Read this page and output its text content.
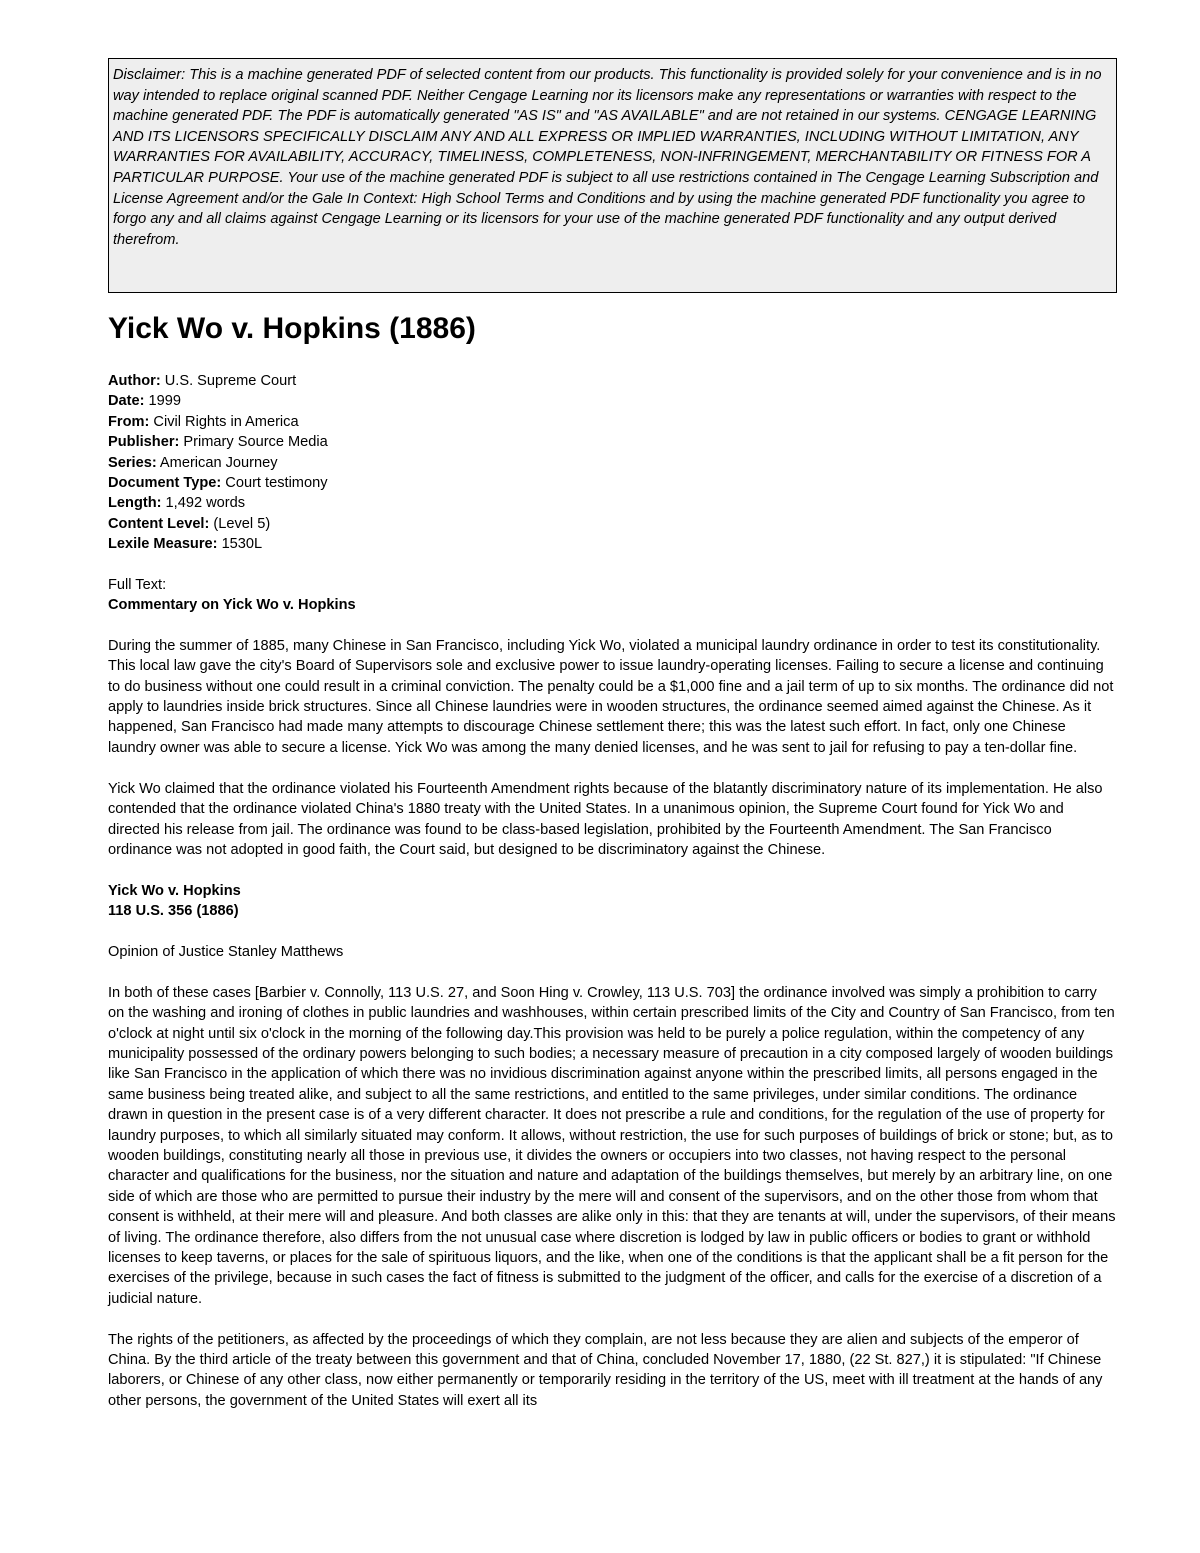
Disclaimer: This is a machine generated PDF of selected content from our products. This functionality is provided solely for your convenience and is in no way intended to replace original scanned PDF. Neither Cengage Learning nor its licensors make any representations or warranties with respect to the machine generated PDF. The PDF is automatically generated "AS IS" and "AS AVAILABLE" and are not retained in our systems. CENGAGE LEARNING AND ITS LICENSORS SPECIFICALLY DISCLAIM ANY AND ALL EXPRESS OR IMPLIED WARRANTIES, INCLUDING WITHOUT LIMITATION, ANY WARRANTIES FOR AVAILABILITY, ACCURACY, TIMELINESS, COMPLETENESS, NON-INFRINGEMENT, MERCHANTABILITY OR FITNESS FOR A PARTICULAR PURPOSE. Your use of the machine generated PDF is subject to all use restrictions contained in The Cengage Learning Subscription and License Agreement and/or the Gale In Context: High School Terms and Conditions and by using the machine generated PDF functionality you agree to forgo any and all claims against Cengage Learning or its licensors for your use of the machine generated PDF functionality and any output derived therefrom.
Yick Wo v. Hopkins (1886)
Author: U.S. Supreme Court
Date: 1999
From: Civil Rights in America
Publisher: Primary Source Media
Series: American Journey
Document Type: Court testimony
Length: 1,492 words
Content Level: (Level 5)
Lexile Measure: 1530L
Full Text:
Commentary on Yick Wo v. Hopkins

During the summer of 1885, many Chinese in San Francisco, including Yick Wo, violated a municipal laundry ordinance in order to test its constitutionality. This local law gave the city's Board of Supervisors sole and exclusive power to issue laundry-operating licenses. Failing to secure a license and continuing to do business without one could result in a criminal conviction. The penalty could be a $1,000 fine and a jail term of up to six months. The ordinance did not apply to laundries inside brick structures. Since all Chinese laundries were in wooden structures, the ordinance seemed aimed against the Chinese. As it happened, San Francisco had made many attempts to discourage Chinese settlement there; this was the latest such effort. In fact, only one Chinese laundry owner was able to secure a license. Yick Wo was among the many denied licenses, and he was sent to jail for refusing to pay a ten-dollar fine.

Yick Wo claimed that the ordinance violated his Fourteenth Amendment rights because of the blatantly discriminatory nature of its implementation. He also contended that the ordinance violated China's 1880 treaty with the United States. In a unanimous opinion, the Supreme Court found for Yick Wo and directed his release from jail. The ordinance was found to be class-based legislation, prohibited by the Fourteenth Amendment. The San Francisco ordinance was not adopted in good faith, the Court said, but designed to be discriminatory against the Chinese.

Yick Wo v. Hopkins

118 U.S. 356 (1886)

Opinion of Justice Stanley Matthews

In both of these cases [Barbier v. Connolly, 113 U.S. 27, and Soon Hing v. Crowley, 113 U.S. 703] the ordinance involved was simply a prohibition to carry on the washing and ironing of clothes in public laundries and washhouses, within certain prescribed limits of the City and Country of San Francisco, from ten o'clock at night until six o'clock in the morning of the following day.This provision was held to be purely a police regulation, within the competency of any municipality possessed of the ordinary powers belonging to such bodies; a necessary measure of precaution in a city composed largely of wooden buildings like San Francisco in the application of which there was no invidious discrimination against anyone within the prescribed limits, all persons engaged in the same business being treated alike, and subject to all the same restrictions, and entitled to the same privileges, under similar conditions. The ordinance drawn in question in the present case is of a very different character. It does not prescribe a rule and conditions, for the regulation of the use of property for laundry purposes, to which all similarly situated may conform. It allows, without restriction, the use for such purposes of buildings of brick or stone; but, as to wooden buildings, constituting nearly all those in previous use, it divides the owners or occupiers into two classes, not having respect to the personal character and qualifications for the business, nor the situation and nature and adaptation of the buildings themselves, but merely by an arbitrary line, on one side of which are those who are permitted to pursue their industry by the mere will and consent of the supervisors, and on the other those from whom that consent is withheld, at their mere will and pleasure. And both classes are alike only in this: that they are tenants at will, under the supervisors, of their means of living. The ordinance therefore, also differs from the not unusual case where discretion is lodged by law in public officers or bodies to grant or withhold licenses to keep taverns, or places for the sale of spirituous liquors, and the like, when one of the conditions is that the applicant shall be a fit person for the exercises of the privilege, because in such cases the fact of fitness is submitted to the judgment of the officer, and calls for the exercise of a discretion of a judicial nature.

The rights of the petitioners, as affected by the proceedings of which they complain, are not less because they are alien and subjects of the emperor of China. By the third article of the treaty between this government and that of China, concluded November 17, 1880, (22 St. 827,) it is stipulated: "If Chinese laborers, or Chinese of any other class, now either permanently or temporarily residing in the territory of the US, meet with ill treatment at the hands of any other persons, the government of the United States will exert all its
